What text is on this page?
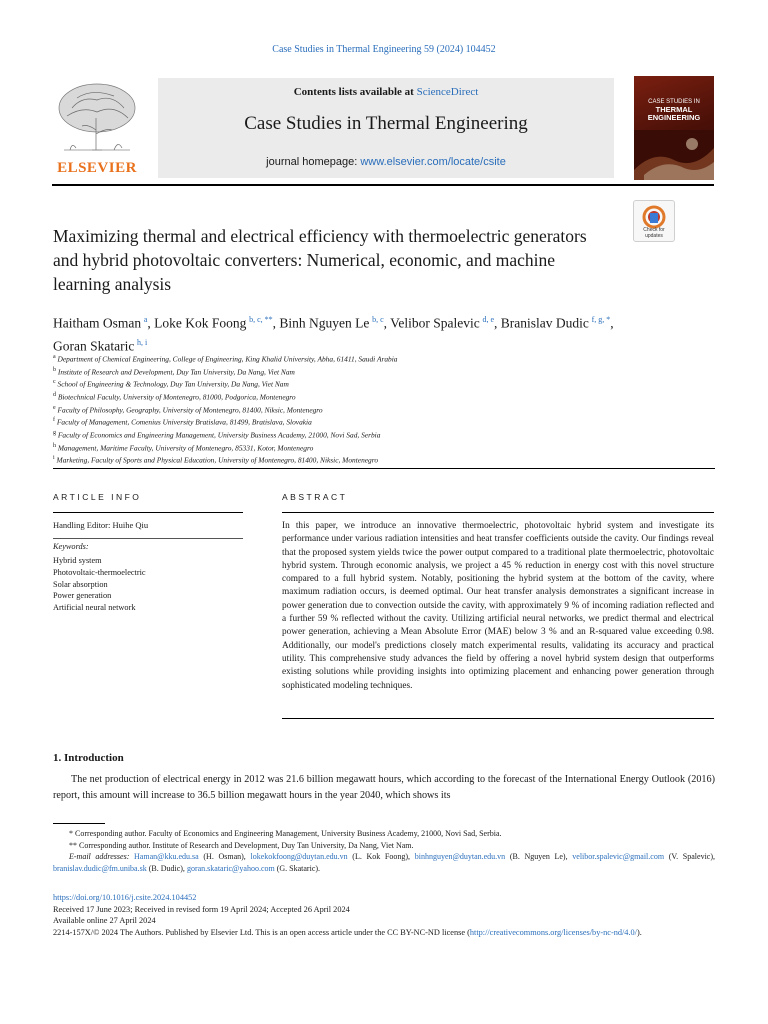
Case Studies in Thermal Engineering 59 (2024) 104452
ELSEVIER
Contents lists available at ScienceDirect
Case Studies in Thermal Engineering
journal homepage: www.elsevier.com/locate/csite
CASE STUDIES IN
THERMAL
ENGINEERING
Check for
updates
Maximizing thermal and electrical efficiency with thermoelectric generators and hybrid photovoltaic converters: Numerical, economic, and machine learning analysis
Haitham Osman  $^a$, Loke Kok Foong  $^{b, c, **}$, Binh Nguyen Le  $^{b, c}$, Velibor Spalevic  $^{d, e}$, Branislav Dudic  $^{f, g, *}$, Goran Skataric  $^{h, i}$
$^a$ Department of Chemical Engineering, College of Engineering, King Khalid University, Abha, 61411, Saudi Arabia
$^b$ Institute of Research and Development, Duy Tan University, Da Nang, Viet Nam
$^c$ School of Engineering & Technology, Duy Tan University, Da Nang, Viet Nam
$^d$ Biotechnical Faculty, University of Montenegro, 81000, Podgorica, Montenegro
$^e$ Faculty of Philosophy, Geography, University of Montenegro, 81400, Niksic, Montenegro
$^f$ Faculty of Management, Comenius University Bratislava, 81499, Bratislava, Slovakia
$^g$ Faculty of Economics and Engineering Management, University Business Academy, 21000, Novi Sad, Serbia
$^h$ Management, Maritime Faculty, University of Montenegro, 85331, Kotor, Montenegro
$^i$ Marketing, Faculty of Sports and Physical Education, University of Montenegro, 81400, Niksic, Montenegro
ARTICLE INFO	ABSTRACT
Handling Editor: Huihe Qiu
Keywords:
Hybrid system
Photovoltaic-thermoelectric
Solar absorption
Power generation
Artificial neural network
In this paper, we introduce an innovative thermoelectric, photovoltaic hybrid system and investigate its performance under various radiation intensities and heat transfer coefficients outside the cavity. Our findings reveal that the proposed system yields twice the power output compared to a traditional plate thermoelectric, photovoltaic hybrid system. Through economic analysis, we project a 45 % reduction in energy cost with this novel structure compared to a full hybrid system. Notably, positioning the hybrid system at the bottom of the cavity, where maximum radiation occurs, is deemed optimal. Our heat transfer analysis demonstrates a significant increase in power generation due to convection outside the cavity, with approximately 9 % of incoming radiation reflected and a further 59 % reflected without the cavity. Utilizing artificial neural networks, we predict thermal and electrical power generation, achieving a Mean Absolute Error (MAE) below 3 % and an R-squared value exceeding 0.98. Additionally, our model's predictions closely match experimental results, validating its accuracy and practical utility. This comprehensive study advances the field by offering a novel hybrid system design that outperforms existing solutions while providing insights into optimizing placement and enhancing power generation through sophisticated modeling techniques.
1. Introduction
The net production of electrical energy in 2012 was 21.6 billion megawatt hours, which according to the forecast of the International Energy Outlook (2016) report, this amount will increase to 36.5 billion megawatt hours in the year 2040, which shows its
* Corresponding author. Faculty of Economics and Engineering Management, University Business Academy, 21000, Novi Sad, Serbia.
** Corresponding author. Institute of Research and Development, Duy Tan University, Da Nang, Viet Nam.
E-mail addresses: Haman@kku.edu.sa (H. Osman), lokekokfoong@duytan.edu.vn (L. Kok Foong), binhnguyen@duytan.edu.vn (B. Nguyen Le), velibor.spalevic@gmail.com (V. Spalevic), branislav.dudic@fm.uniba.sk (B. Dudic), goran.skataric@yahoo.com (G. Skataric).
https://doi.org/10.1016/j.csite.2024.104452
Received 17 June 2023; Received in revised form 19 April 2024; Accepted 26 April 2024
Available online 27 April 2024
2214-157X/© 2024 The Authors. Published by Elsevier Ltd. This is an open access article under the CC BY-NC-ND license (http://creativecommons.org/licenses/by-nc-nd/4.0/).
